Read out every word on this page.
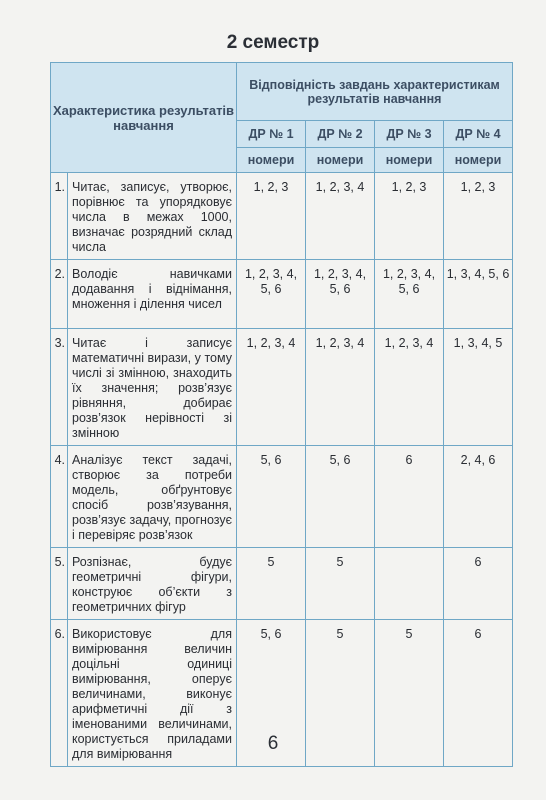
2 семестр
Характеристика результатів навчання		Відповідність завдань характеристикам результатів навчання			
		ДР № 1	ДР № 2	ДР № 3	ДР № 4
		номери	номери	номери	номери
1.	Читає, записує, утворює, порівнює та упорядковує числа в межах 1000, визначає розрядний склад числа	1, 2, 3	1, 2, 3, 4	1, 2, 3	1, 2, 3
2.	Володіє навичками додавання і віднімання, множення і ділення чисел	1, 2, 3, 4, 5, 6	1, 2, 3, 4, 5, 6	1, 2, 3, 4, 5, 6	1, 3, 4, 5, 6
3.	Читає і записує математичні вирази, у тому числі зі змінною, знаходить їх значення; розв’язує рівняння, добирає розв’язок нерівності зі змінною	1, 2, 3, 4	1, 2, 3, 4	1, 2, 3, 4	1, 3, 4, 5
4.	Аналізує текст задачі, створює за потреби модель, обґрунтовує спосіб розв’язування, розв’язує задачу, прогнозує і перевіряє розв’язок	5, 6	5, 6	6	2, 4, 6
5.	Розпізнає, будує геометричні фігури, конструює об’єкти з геометричних фігур	5	5		6
6.	Використовує для вимірювання величин доцільні одиниці вимірювання, оперує величинами, виконує арифметичні дії з іменованими величинами, користується приладами для вимірювання	5, 6	5	5	6
6
